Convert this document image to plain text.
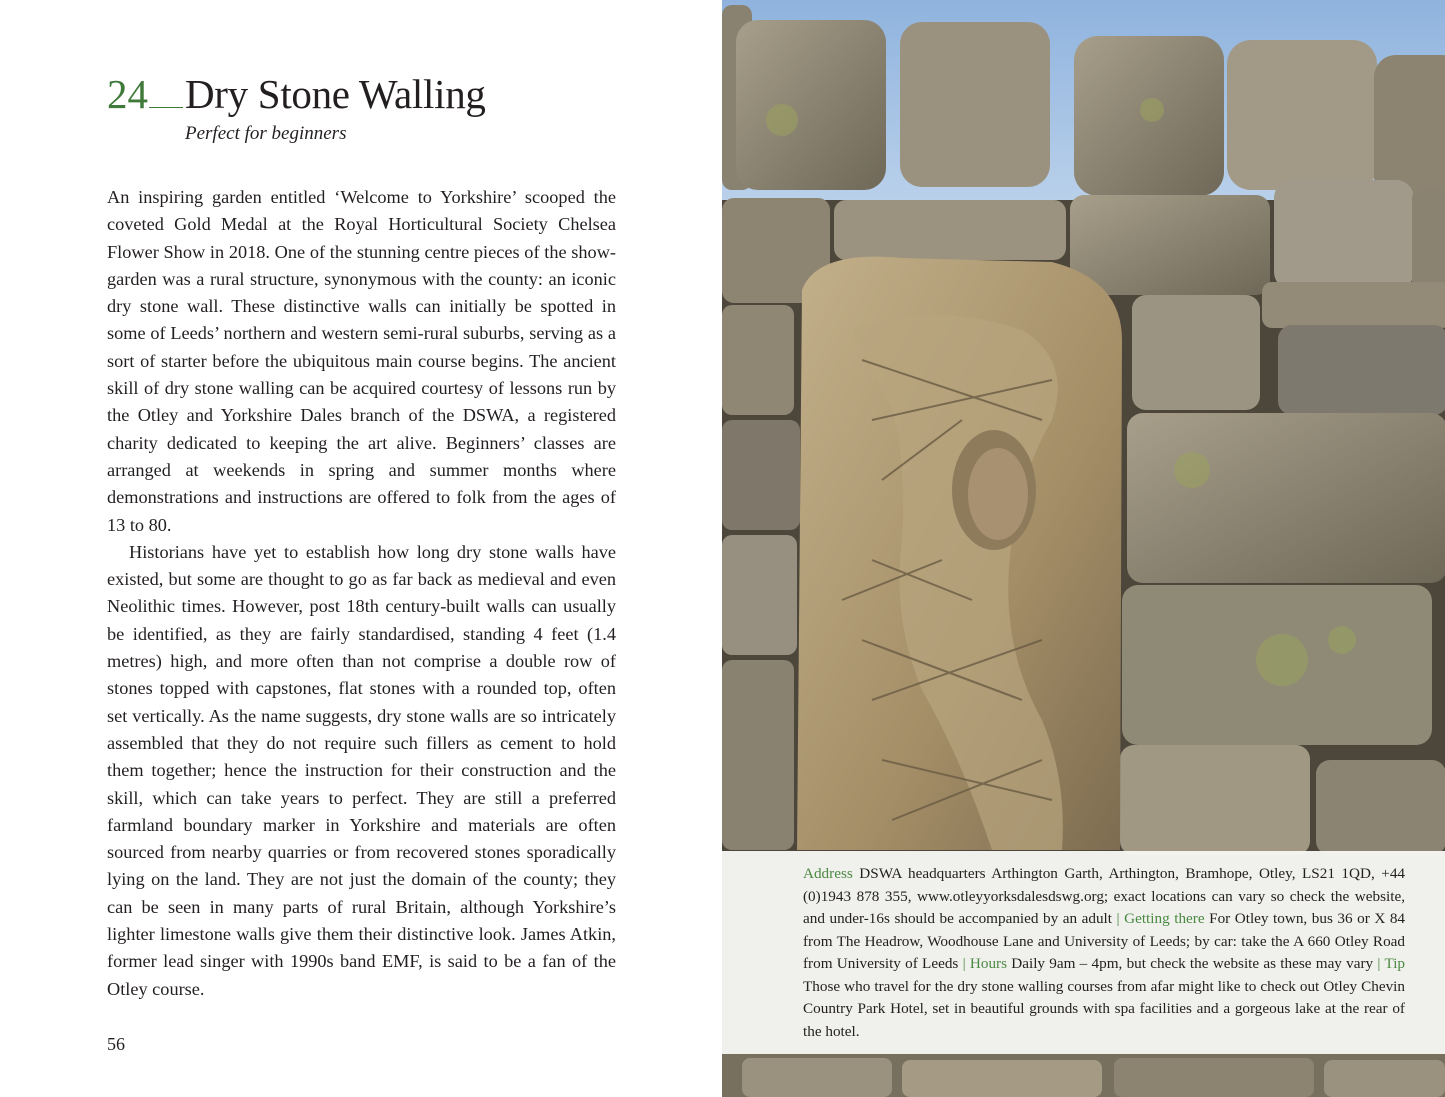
24 Dry Stone Walling
Perfect for beginners

An inspiring garden entitled ‘Welcome to Yorkshire’ scooped the coveted Gold Medal at the Royal Horticultural Society Chelsea Flower Show in 2018. One of the stunning centre pieces of the show-garden was a rural structure, synonymous with the county: an iconic dry stone wall. These distinctive walls can initially be spotted in some of Leeds’ northern and western semi-rural suburbs, serving as a sort of starter before the ubiquitous main course begins. The ancient skill of dry stone walling can be acquired courtesy of lessons run by the Otley and Yorkshire Dales branch of the DSWA, a registered charity dedicated to keeping the art alive. Beginners’ classes are arranged at weekends in spring and summer months where demonstrations and instructions are offered to folk from the ages of 13 to 80.

Historians have yet to establish how long dry stone walls have existed, but some are thought to go as far back as medieval and even Neolithic times. However, post 18th century-built walls can usually be identified, as they are fairly standardised, standing 4 feet (1.4 metres) high, and more often than not comprise a double row of stones topped with capstones, flat stones with a rounded top, often set vertically. As the name suggests, dry stone walls are so intricately assembled that they do not require such fillers as cement to hold them together; hence the instruction for their construction and the skill, which can take years to perfect. They are still a preferred farmland boundary marker in Yorkshire and materials are often sourced from nearby quarries or from recovered stones sporadically lying on the land. They are not just the domain of the county; they can be seen in many parts of rural Britain, although Yorkshire’s lighter limestone walls give them their distinctive look. James Atkin, former lead singer with 1990s band EMF, is said to be a fan of the Otley course.

56

Address DSWA headquarters Arthington Garth, Arthington, Bramhope, Otley, LS21 1QD, +44 (0)1943 878 355, www.otleyyorksdalesdswg.org; exact locations can vary so check the website, and under-16s should be accompanied by an adult | Getting there For Otley town, bus 36 or X 84 from The Headrow, Woodhouse Lane and University of Leeds; by car: take the A 660 Otley Road from University of Leeds | Hours Daily 9am – 4pm, but check the website as these may vary | Tip Those who travel for the dry stone walling courses from afar might like to check out Otley Chevin Country Park Hotel, set in beautiful grounds with spa facilities and a gorgeous lake at the rear of the hotel.
